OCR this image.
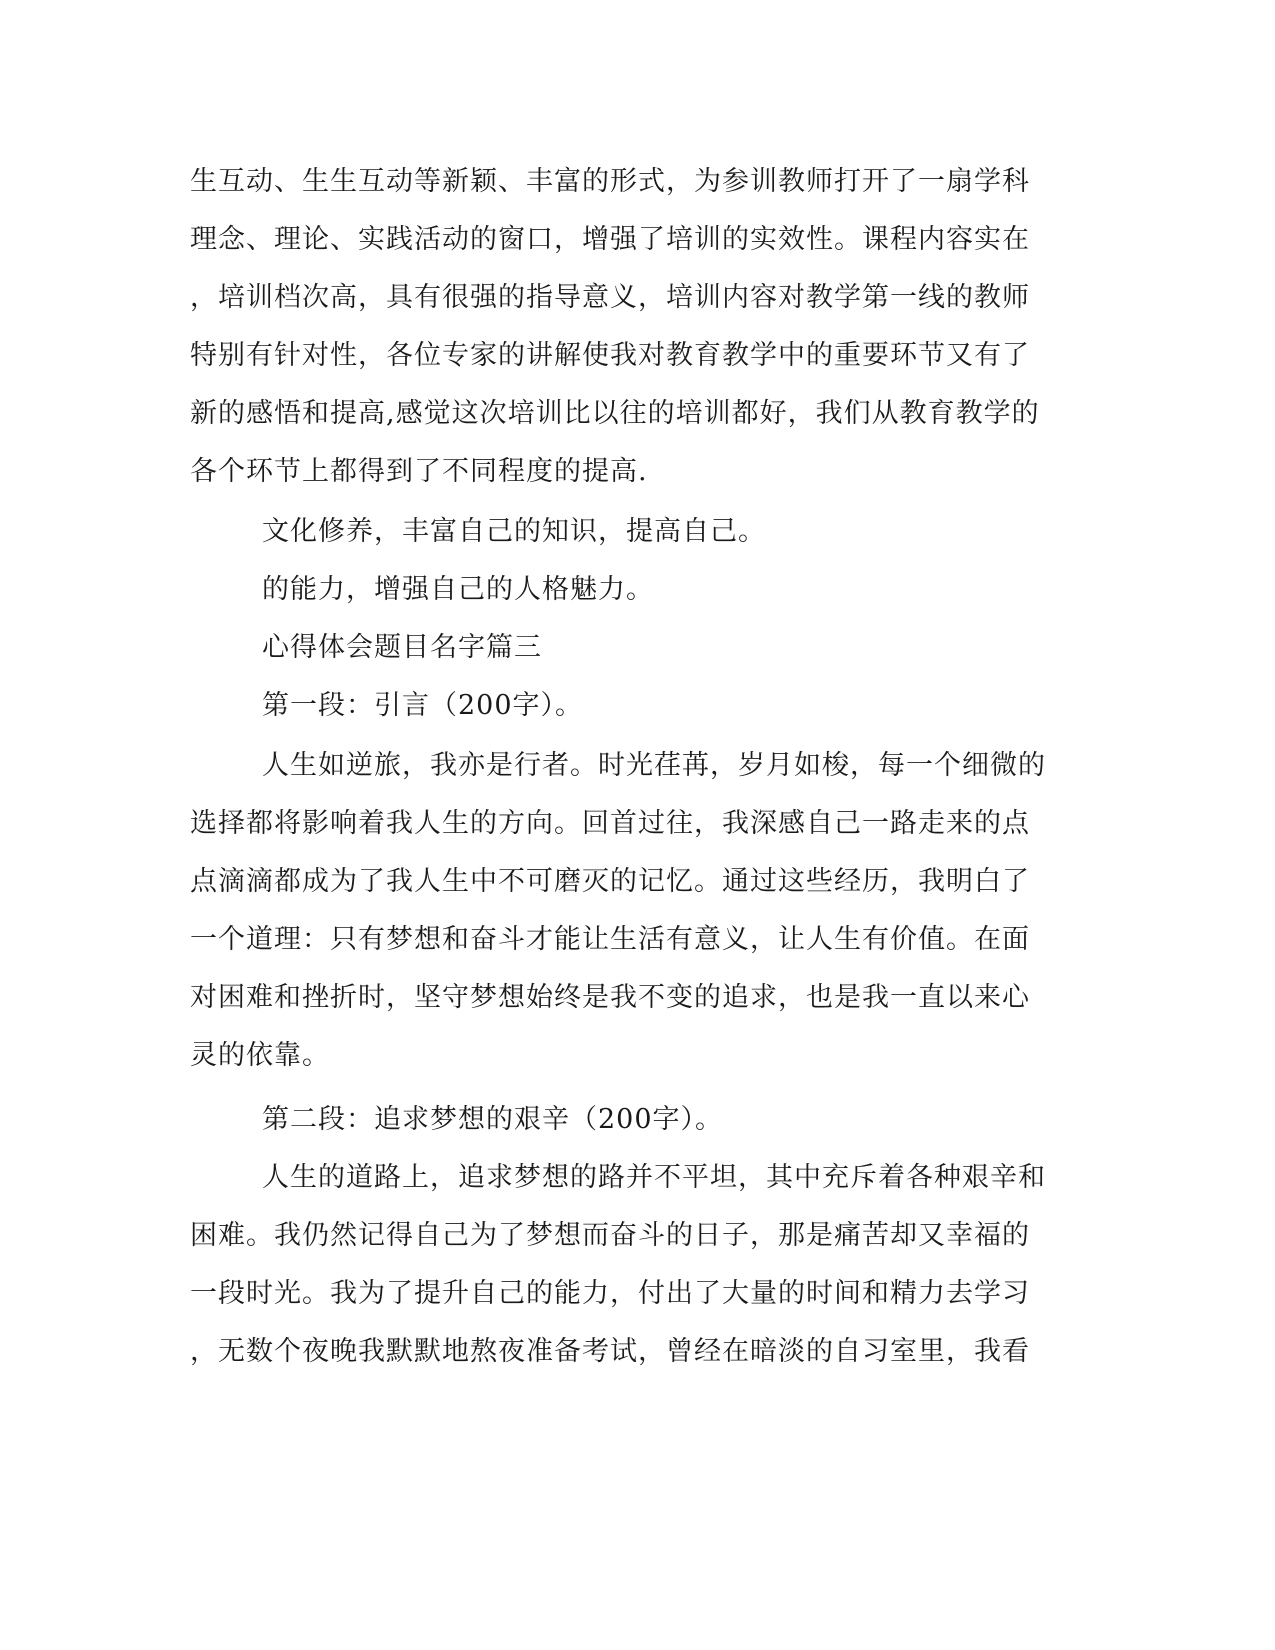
生互动、生生互动等新颖、丰富的形式，为参训教师打开了一扇学科
理念、理论、实践活动的窗口，增强了培训的实效性。课程内容实在
，培训档次高，具有很强的指导意义，培训内容对教学第一线的教师
特别有针对性，各位专家的讲解使我对教育教学中的重要环节又有了
新的感悟和提高,感觉这次培训比以往的培训都好，我们从教育教学的
各个环节上都得到了不同程度的提高.
文化修养，丰富自己的知识，提高自己。
的能力，增强自己的人格魅力。
心得体会题目名字篇三
第一段：引言（200字）。
人生如逆旅，我亦是行者。时光荏苒，岁月如梭，每一个细微的
选择都将影响着我人生的方向。回首过往，我深感自己一路走来的点
点滴滴都成为了我人生中不可磨灭的记忆。通过这些经历，我明白了
一个道理：只有梦想和奋斗才能让生活有意义，让人生有价值。在面
对困难和挫折时，坚守梦想始终是我不变的追求，也是我一直以来心
灵的依靠。
第二段：追求梦想的艰辛（200字）。
人生的道路上，追求梦想的路并不平坦，其中充斥着各种艰辛和
困难。我仍然记得自己为了梦想而奋斗的日子，那是痛苦却又幸福的
一段时光。我为了提升自己的能力，付出了大量的时间和精力去学习
，无数个夜晚我默默地熬夜准备考试，曾经在暗淡的自习室里，我看
